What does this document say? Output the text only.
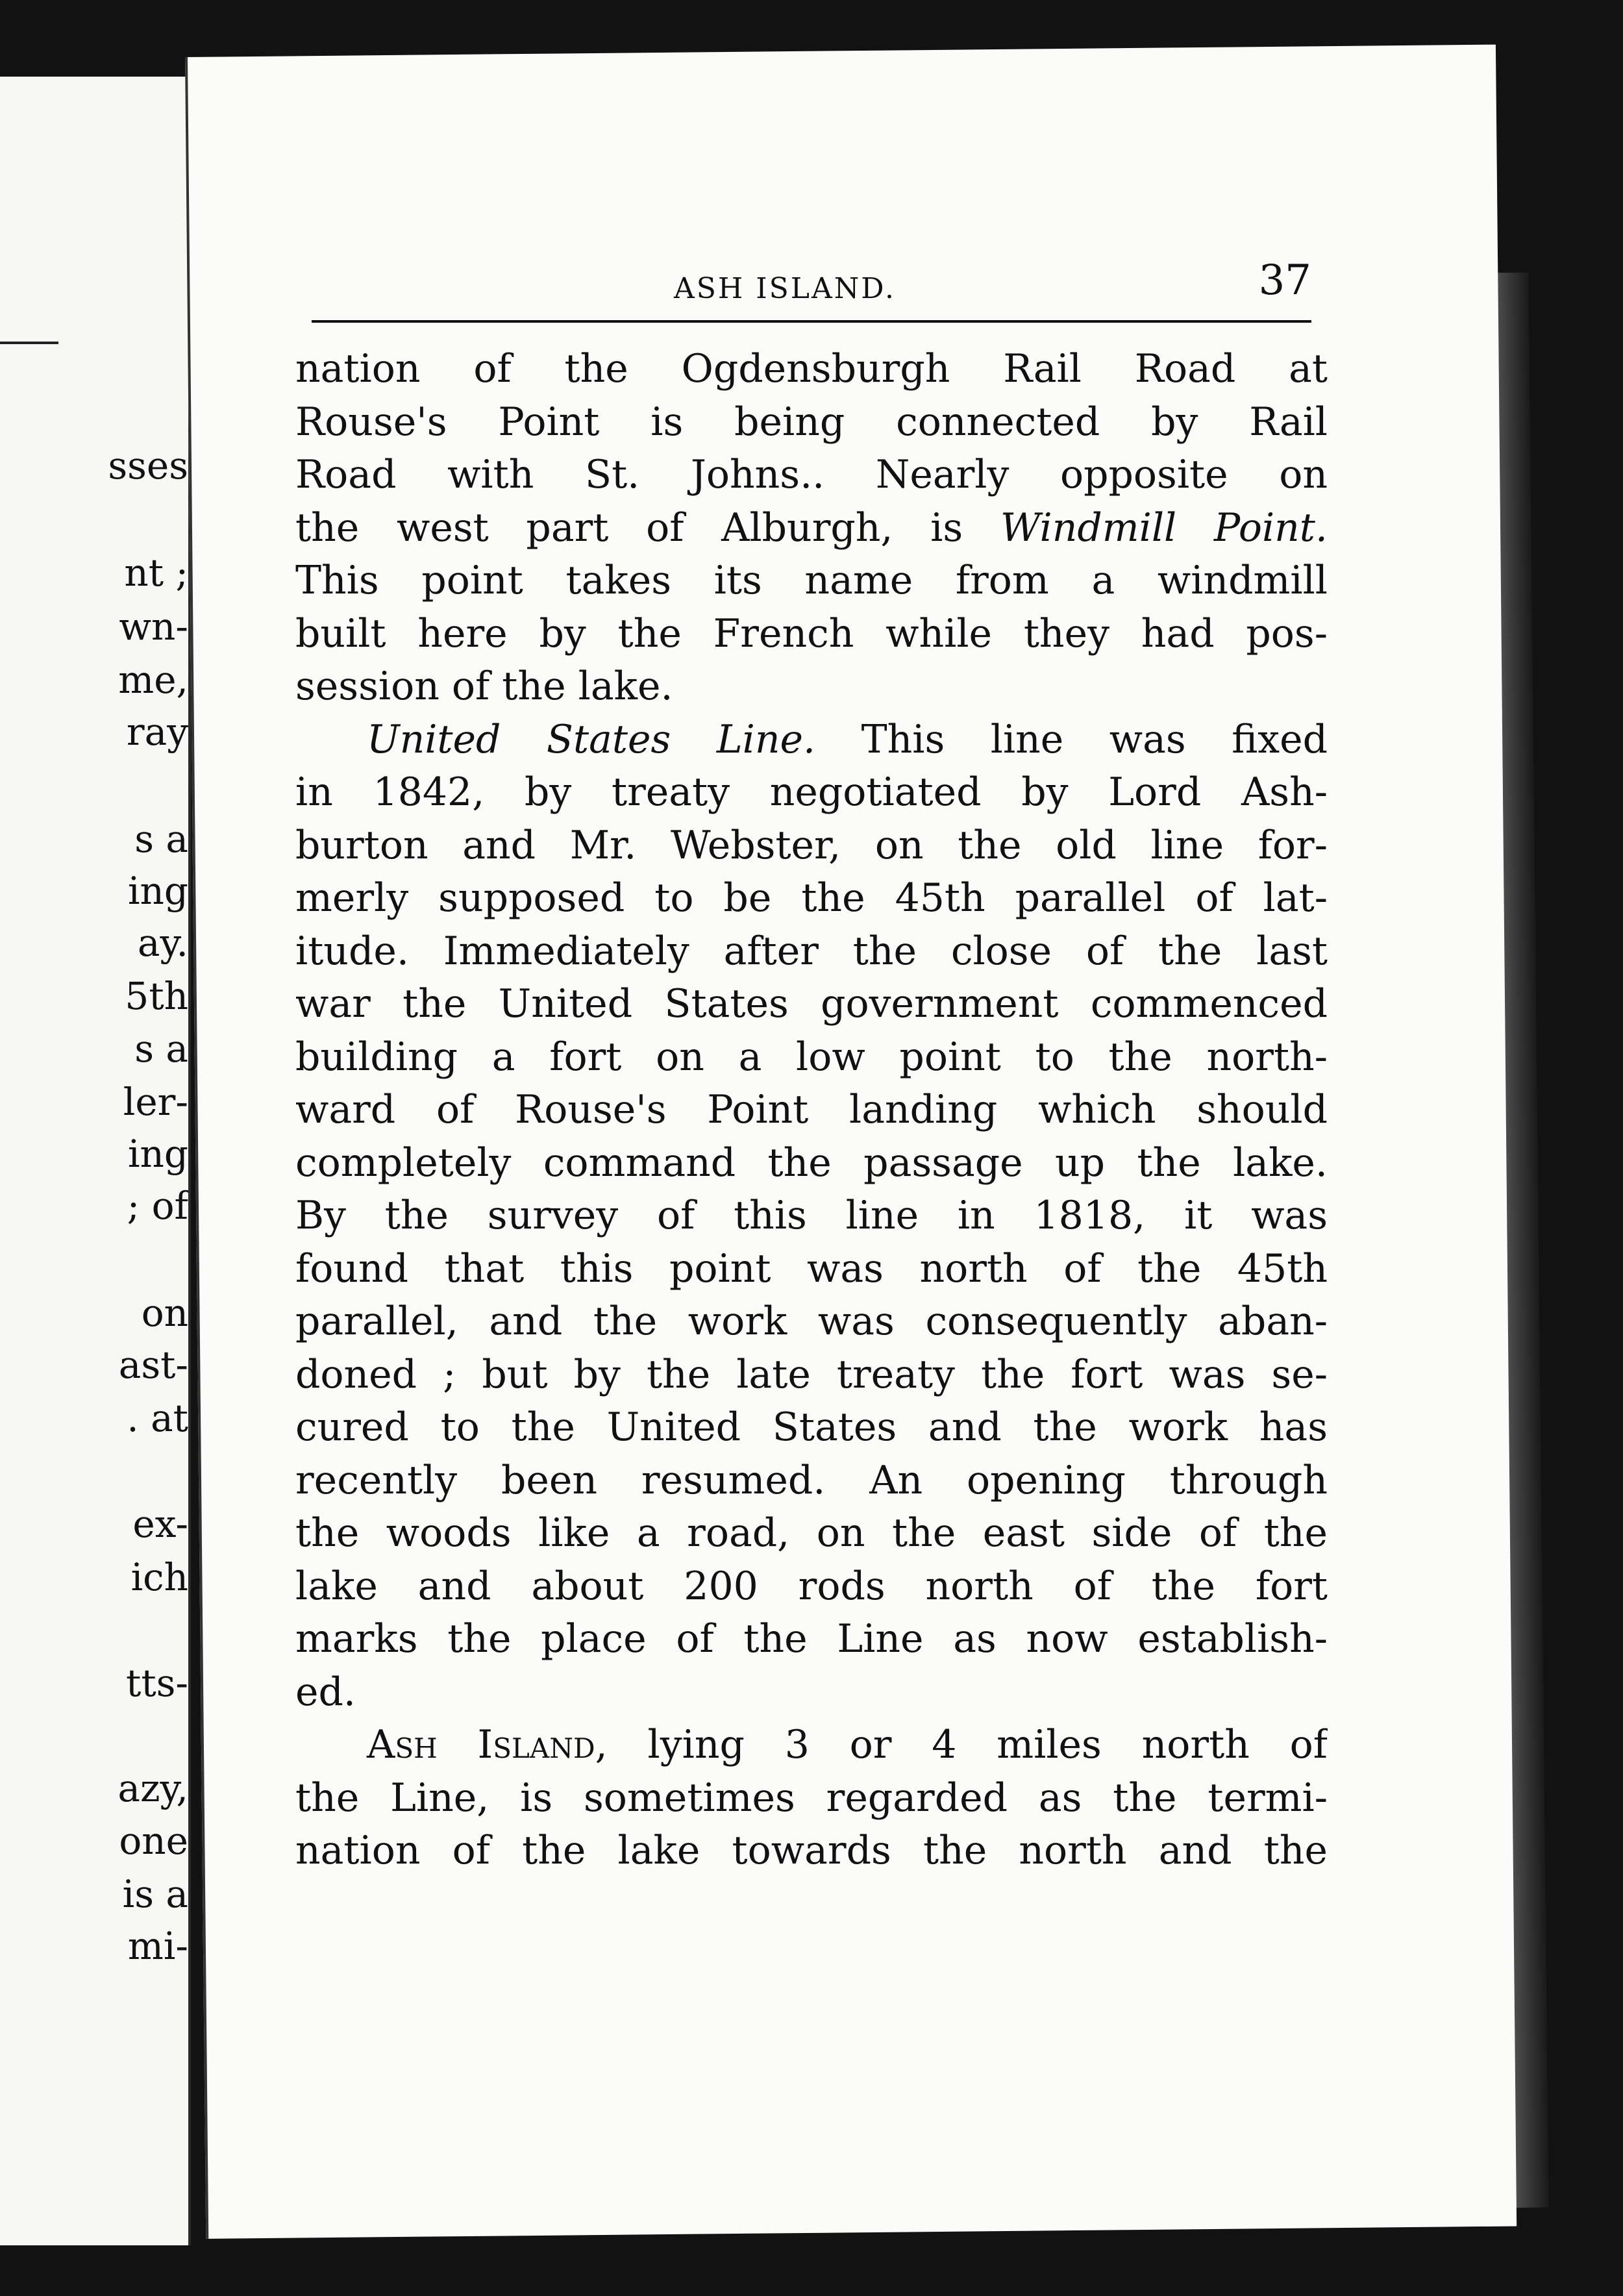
sses
nt ;
wn-
me,
ray
s a
ing
ay.
5th
s a
ler-
ing
; of
on
ast-
. at
ex-
ich
tts-
azy,
one
is a
mi-
ASH ISLAND.	37
nation of the Ogdensburgh Rail Road at
Rouse's Point is being connected by Rail
Road with St. Johns.. Nearly opposite on
the west part of Alburgh, is Windmill Point.
This point takes its name from a windmill
built here by the French while they had pos-
session of the lake.
United States Line. This line was fixed
in 1842, by treaty negotiated by Lord Ash-
burton and Mr. Webster, on the old line for-
merly supposed to be the 45th parallel of lat-
itude. Immediately after the close of the last
war the United States government commenced
building a fort on a low point to the north-
ward of Rouse's Point landing which should
completely command the passage up the lake.
By the survey of this line in 1818, it was
found that this point was north of the 45th
parallel, and the work was consequently aban-
doned ; but by the late treaty the fort was se-
cured to the United States and the work has
recently been resumed. An opening through
the woods like a road, on the east side of the
lake and about 200 rods north of the fort
marks the place of the Line as now establish-
ed.
Ash Island, lying 3 or 4 miles north of
the Line, is sometimes regarded as the termi-
nation of the lake towards the north and the
